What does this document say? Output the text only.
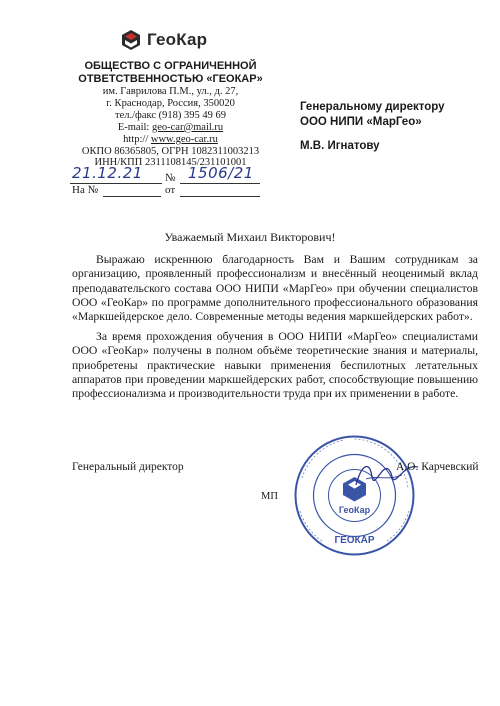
ГеоКар
ОБЩЕСТВО С ОГРАНИЧЕННОЙ
ОТВЕТСТВЕННОСТЬЮ «ГЕОКАР»
им. Гаврилова П.М., ул., д. 27,
г. Краснодар, Россия, 350020
тел./факс (918) 395 49 69
E-mail: geo-car@mail.ru
http:// www.geo-car.ru
ОКПО 86365805, ОГРН 1082311003213
ИНН/КПП 2311108145/231101001
21.12.21 № 1506/21
На №	от
Генеральному директору
ООО НИПИ «МарГео»
М.В. Игнатову
Уважаемый Михаил Викторович!
Выражаю искреннюю благодарность Вам и Вашим сотрудникам за организацию, проявленный профессионализм и внесённый неоценимый вклад преподавательского состава ООО НИПИ «МарГео» при обучении специалистов ООО «ГеоКар» по программе дополнительного профессионального образования «Маркшейдерское дело. Современные методы ведения маркшейдерских работ».
За время прохождения обучения в ООО НИПИ «МарГео» специалистами ООО «ГеоКар» получены в полном объёме теоретические знания и материалы, приобретены практические навыки применения беспилотных летательных аппаратов при проведении маркшейдерских работ, способствующие повышению профессионализма и производительности труда при их применении в работе.
ГеоКар
ГЕОКАР
Генеральный директор	А.О. Карчевский
МП
